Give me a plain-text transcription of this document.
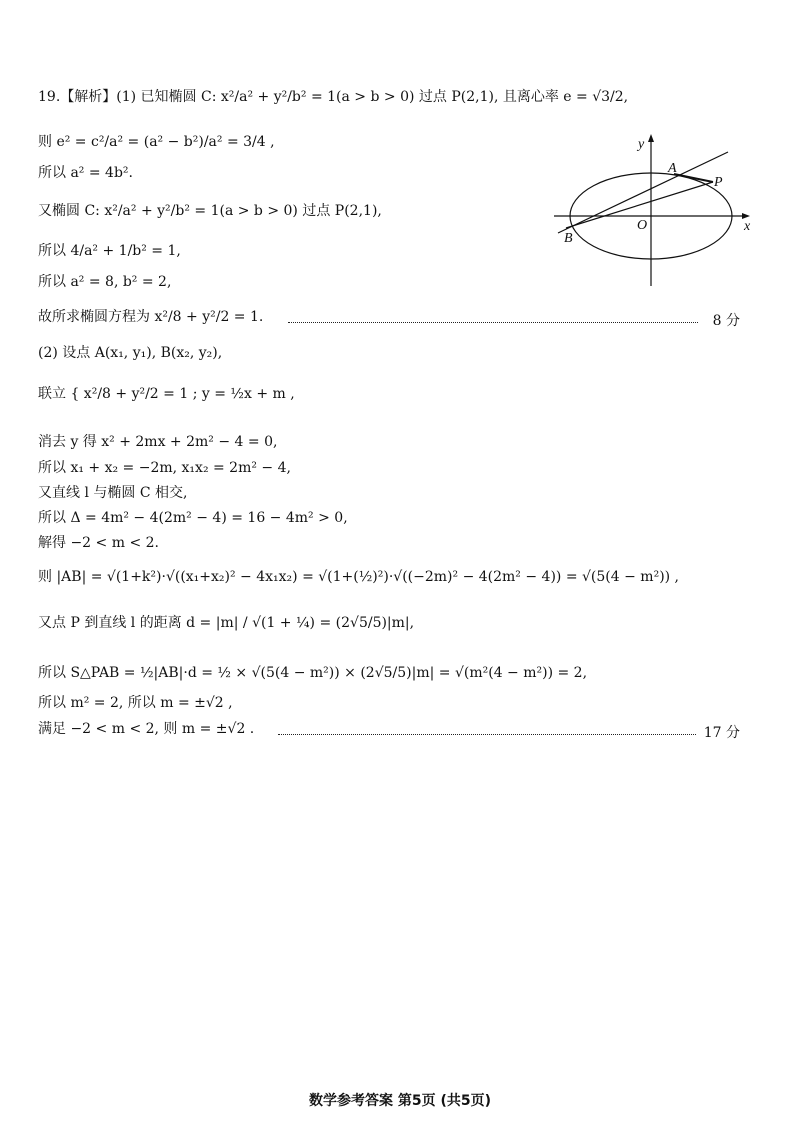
19.【解析】(1) 已知椭圆 C: x²/a² + y²/b² = 1(a > b > 0) 过点 P(2,1), 且离心率 e = √3/2,
则 e² = c²/a² = (a² − b²)/a² = 3/4 ,
所以 a² = 4b².
又椭圆 C: x²/a² + y²/b² = 1(a > b > 0) 过点 P(2,1),
所以 4/a² + 1/b² = 1,
所以 a² = 8, b² = 2,
故所求椭圆方程为 x²/8 + y²/2 = 1.	8 分
(2) 设点 A(x₁, y₁), B(x₂, y₂),
联立 { x²/8 + y²/2 = 1 ; y = ½x + m ,
消去 y 得 x² + 2mx + 2m² − 4 = 0,
所以 x₁ + x₂ = −2m, x₁x₂ = 2m² − 4,
又直线 l 与椭圆 C 相交,
所以 Δ = 4m² − 4(2m² − 4) = 16 − 4m² > 0,
解得 −2 < m < 2.
则 |AB| = √(1+k²)·√((x₁+x₂)² − 4x₁x₂) = √(1+(½)²)·√((−2m)² − 4(2m² − 4)) = √(5(4 − m²)) ,
又点 P 到直线 l 的距离 d = |m| / √(1 + ¼) = (2√5/5)|m|,
所以 S△PAB = ½|AB|·d = ½ × √(5(4 − m²)) × (2√5/5)|m| = √(m²(4 − m²)) = 2,
所以 m² = 2, 所以 m = ±√2 ,
满足 −2 < m < 2, 则 m = ±√2 .	17 分
y
x
O
A
B
P
数学参考答案 第5页 (共5页)
